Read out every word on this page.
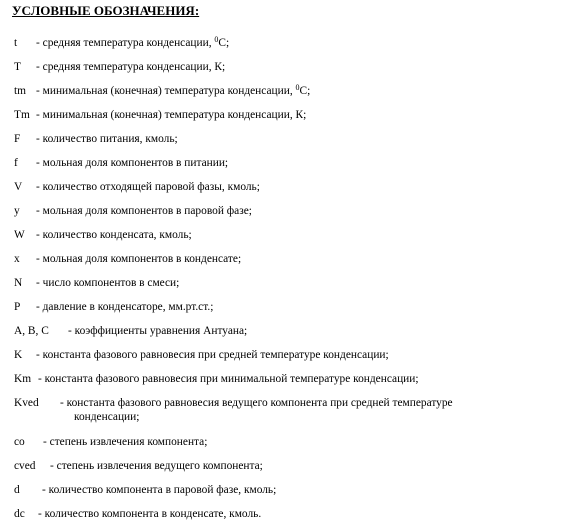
УСЛОВНЫЕ ОБОЗНАЧЕНИЯ:
t - средняя температура конденсации, $^0$С;
T - средняя температура конденсации, К;
tm - минимальная (конечная) температура конденсации, $^0$С;
Tm - минимальная (конечная) температура конденсации, К;
F - количество питания, кмоль;
f - мольная доля компонентов в питании;
V - количество отходящей паровой фазы, кмоль;
y - мольная доля компонентов в паровой фазе;
W - количество конденсата, кмоль;
x - мольная доля компонентов в конденсате;
N - число компонентов в смеси;
P - давление в конденсаторе, мм.рт.ст.;
A, B, C - коэффициенты уравнения Антуана;
K - константа фазового равновесия при средней температуре конденсации;
Km - константа фазового равновесия при минимальной температуре конденсации;
Kved - константа фазового равновесия ведущего компонента при средней температуре
конденсации;
co - степень извлечения компонента;
cved - степень извлечения ведущего компонента;
d - количество компонента в паровой фазе, кмоль;
dc - количество компонента в конденсате, кмоль.
